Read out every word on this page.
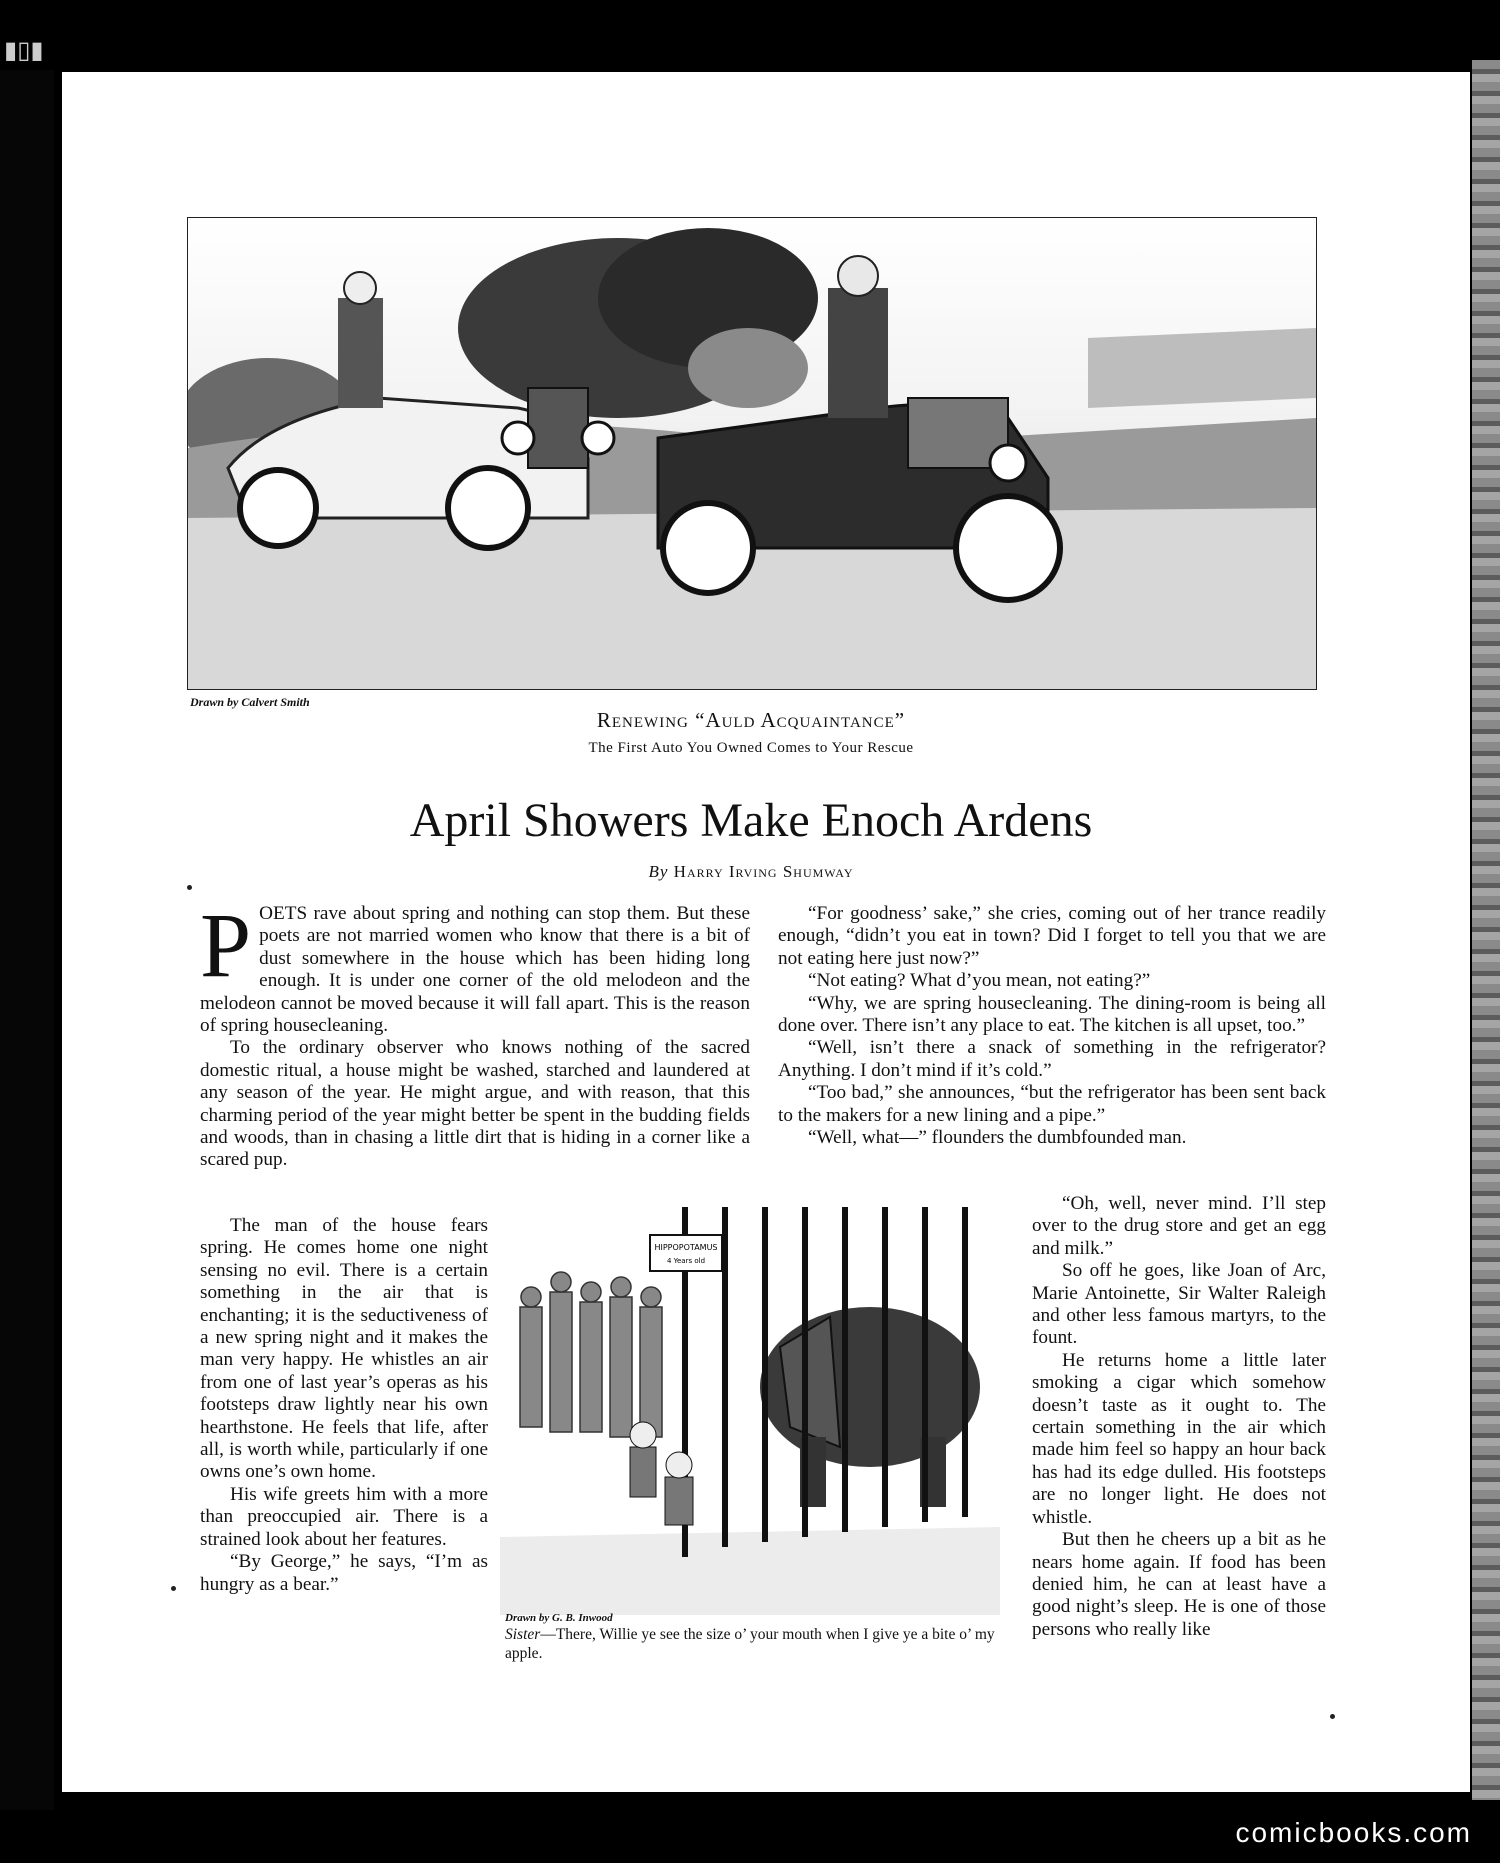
▮▯▮
Drawn by Calvert Smith
Renewing “Auld Acquaintance”
The First Auto You Owned Comes to Your Rescue
April Showers Make Enoch Ardens
By Harry Irving Shumway

POETS rave about spring and nothing can stop them. But these poets are not married women who know that there is a bit of dust somewhere in the house which has been hiding long enough. It is under one corner of the old melodeon and the melodeon cannot be moved because it will fall apart. This is the reason of spring housecleaning.

To the ordinary observer who knows nothing of the sacred domestic ritual, a house might be washed, starched and laundered at any season of the year. He might argue, and with reason, that this charming period of the year might better be spent in the budding fields and woods, than in chasing a little dirt that is hiding in a corner like a scared pup.

The man of the house fears spring. He comes home one night sensing no evil. There is a certain something in the air that is enchanting; it is the seductiveness of a new spring night and it makes the man very happy. He whistles an air from one of last year’s operas as his footsteps draw lightly near his own hearthstone. He feels that life, after all, is worth while, particularly if one owns one’s own home.

His wife greets him with a more than preoccupied air. There is a strained look about her features.

“By George,” he says, “I’m as hungry as a bear.”

“For goodness’ sake,” she cries, coming out of her trance readily enough, “didn’t you eat in town? Did I forget to tell you that we are not eating here just now?”

“Not eating? What d’you mean, not eating?”

“Why, we are spring housecleaning. The dining-room is being all done over. There isn’t any place to eat. The kitchen is all upset, too.”

“Well, isn’t there a snack of something in the refrigerator? Anything. I don’t mind if it’s cold.”

“Too bad,” she announces, “but the refrigerator has been sent back to the makers for a new lining and a pipe.”

“Well, what—” flounders the dumbfounded man.

“Oh, well, never mind. I’ll step over to the drug store and get an egg and milk.”

So off he goes, like Joan of Arc, Marie Antoinette, Sir Walter Raleigh and other less famous martyrs, to the fount.

He returns home a little later smoking a cigar which somehow doesn’t taste as it ought to. The certain something in the air which made him feel so happy an hour back has had its edge dulled. His footsteps are no longer light. He does not whistle.

But then he cheers up a bit as he nears home again. If food has been denied him, he can at least have a good night’s sleep. He is one of those persons who really like

HIPPOPOTAMUS
4 Years old
Drawn by G. B. Inwood
Sister—There, Willie ye see the size o’ your mouth when I give ye a bite o’ my apple.
comicbooks.com
